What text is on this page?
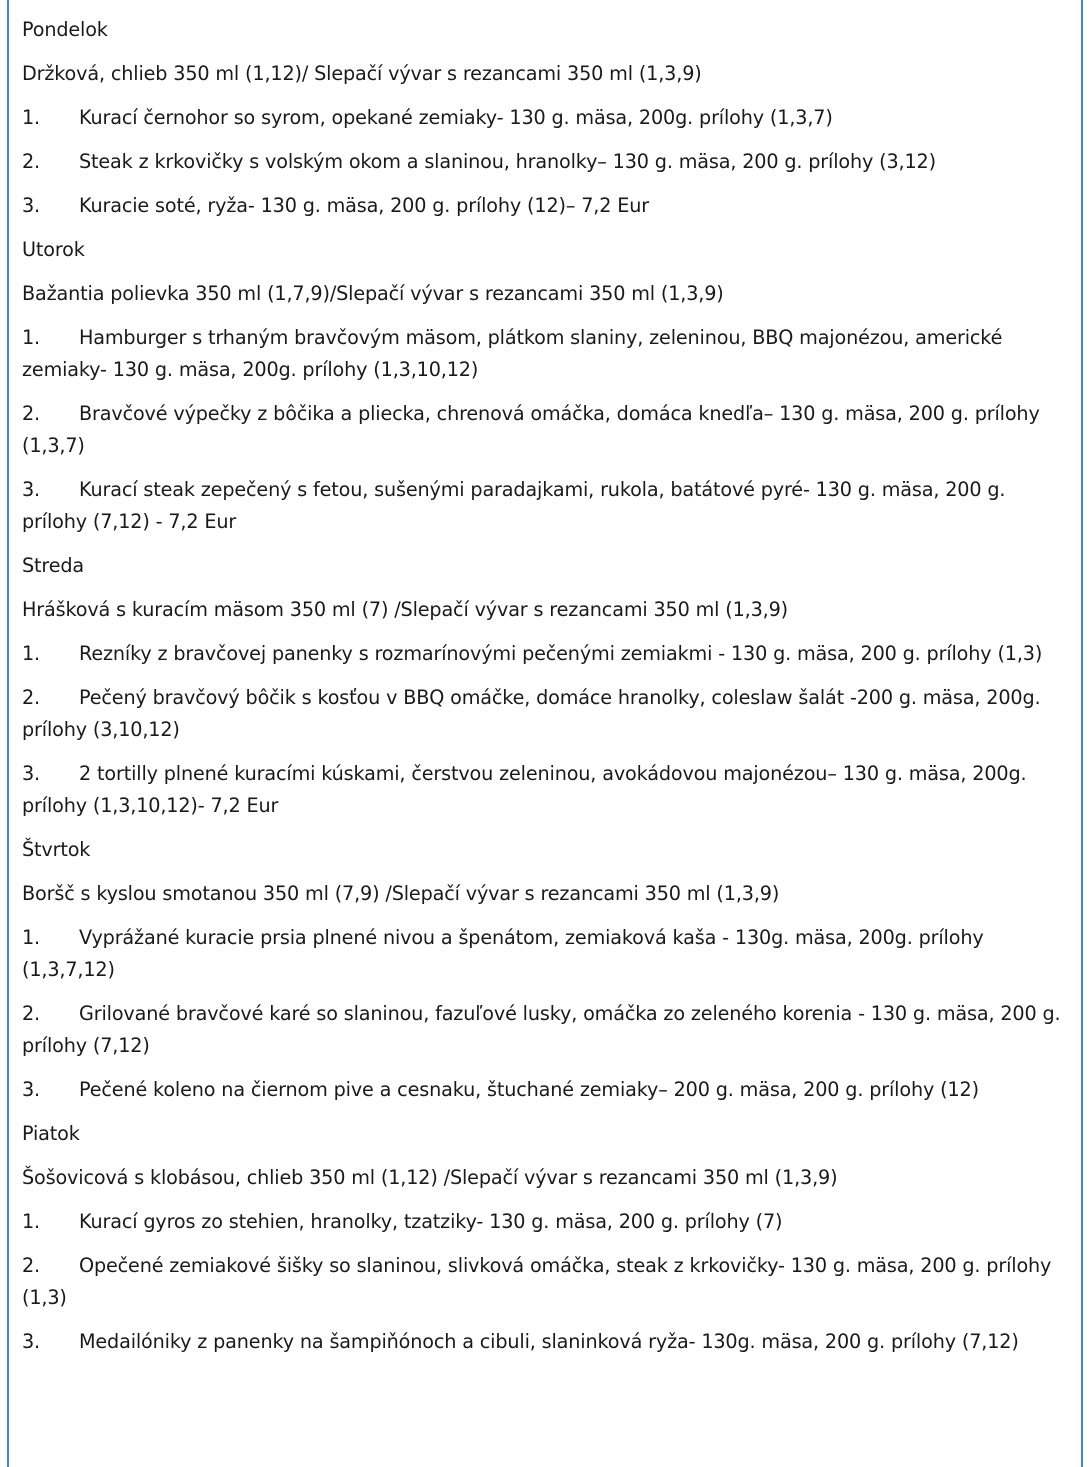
Pondelok

Držková, chlieb 350 ml (1,12)/ Slepačí vývar s rezancami 350 ml (1,3,9)

1. Kurací černohor so syrom, opekané zemiaky- 130 g. mäsa, 200g. prílohy (1,3,7)

2. Steak z krkovičky s volským okom a slaninou, hranolky– 130 g. mäsa, 200 g. prílohy (3,12)

3. Kuracie soté, ryža- 130 g. mäsa, 200 g. prílohy (12)– 7,2 Eur

Utorok

Bažantia polievka 350 ml (1,7,9)/Slepačí vývar s rezancami 350 ml (1,3,9)

1. Hamburger s trhaným bravčovým mäsom, plátkom slaniny, zeleninou, BBQ majonézou, americké zemiaky- 130 g. mäsa, 200g. prílohy (1,3,10,12)

2. Bravčové výpečky z bôčika a pliecka, chrenová omáčka, domáca knedľa– 130 g. mäsa, 200 g. prílohy (1,3,7)

3. Kurací steak zepečený s fetou, sušenými paradajkami, rukola, batátové pyré- 130 g. mäsa, 200 g. prílohy (7,12) - 7,2 Eur

Streda

Hrášková s kuracím mäsom 350 ml (7) /Slepačí vývar s rezancami 350 ml (1,3,9)

1. Rezníky z bravčovej panenky s rozmarínovými pečenými zemiakmi - 130 g. mäsa, 200 g. prílohy (1,3)

2. Pečený bravčový bôčik s kosťou v BBQ omáčke, domáce hranolky, coleslaw šalát -200 g. mäsa, 200g. prílohy (3,10,12)

3. 2 tortilly plnené kuracími kúskami, čerstvou zeleninou, avokádovou majonézou– 130 g. mäsa, 200g. prílohy (1,3,10,12)- 7,2 Eur

Štvrtok

Boršč s kyslou smotanou 350 ml (7,9) /Slepačí vývar s rezancami 350 ml (1,3,9)

1. Vyprážané kuracie prsia plnené nivou a špenátom, zemiaková kaša - 130g. mäsa, 200g. prílohy (1,3,7,12)

2. Grilované bravčové karé so slaninou, fazuľové lusky, omáčka zo zeleného korenia - 130 g. mäsa, 200 g. prílohy (7,12)

3. Pečené koleno na čiernom pive a cesnaku, štuchané zemiaky– 200 g. mäsa, 200 g. prílohy (12)

Piatok

Šošovicová s klobásou, chlieb 350 ml (1,12) /Slepačí vývar s rezancami 350 ml (1,3,9)

1. Kurací gyros zo stehien, hranolky, tzatziky- 130 g. mäsa, 200 g. prílohy (7)

2. Opečené zemiakové šišky so slaninou, slivková omáčka, steak z krkovičky- 130 g. mäsa, 200 g. prílohy (1,3)

3. Medailóniky z panenky na šampiňónoch a cibuli, slaninková ryža- 130g. mäsa, 200 g. prílohy (7,12)
